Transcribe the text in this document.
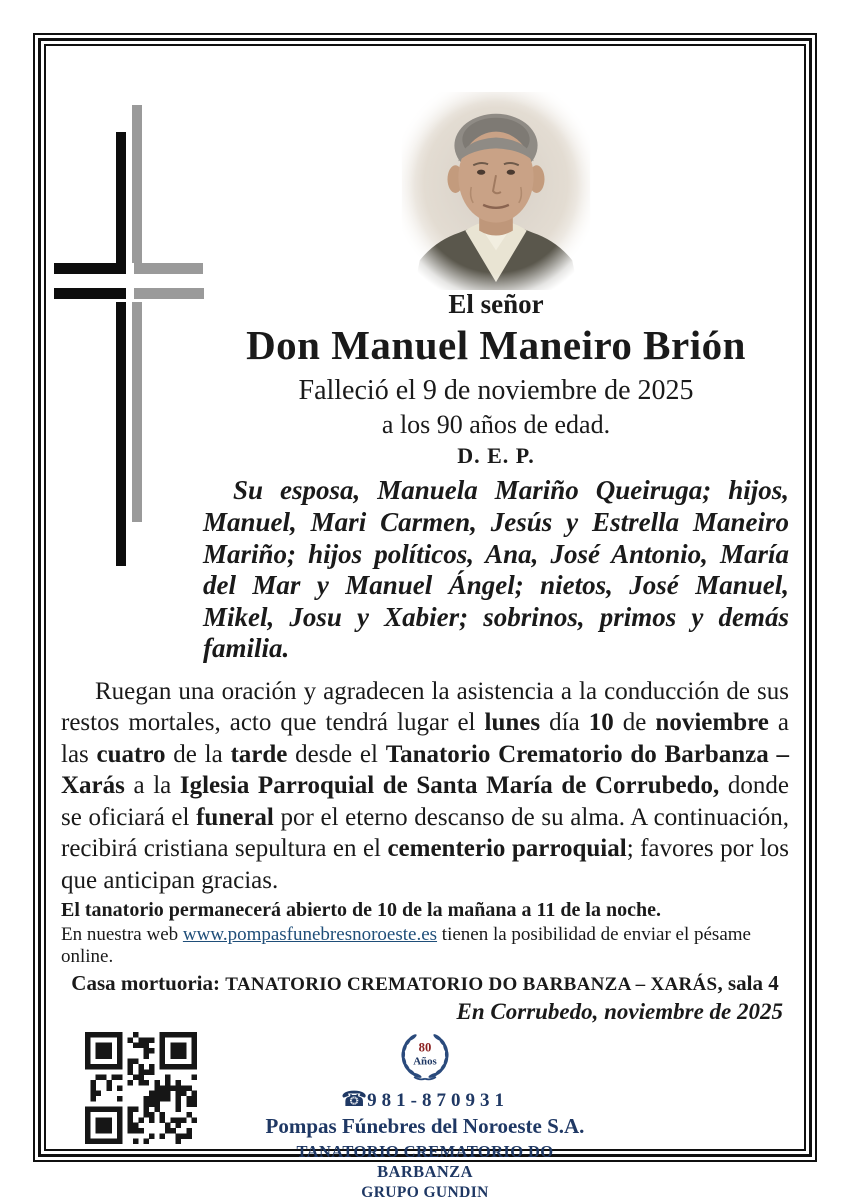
El señor
Don Manuel Maneiro Brión
Falleció el 9 de noviembre de 2025
a los 90 años de edad.
D. E. P.
Su esposa, Manuela Mariño Queiruga; hijos, Manuel, Mari Carmen, Jesús y Estrella Maneiro Mariño; hijos políticos, Ana, José Antonio, María del Mar y Manuel Ángel; nietos, José Manuel, Mikel, Josu y Xabier; sobrinos, primos y demás familia.
Ruegan una oración y agradecen la asistencia a la conducción de sus restos mortales, acto que tendrá lugar el lunes día 10 de noviembre a las cuatro de la tarde desde el Tanatorio Crematorio do Barbanza – Xarás a la Iglesia Parroquial de Santa María de Corrubedo, donde se oficiará el funeral por el eterno descanso de su alma. A continuación, recibirá cristiana sepultura en el cementerio parroquial; favores por los que anticipan gracias.
El tanatorio permanecerá abierto de 10 de la mañana a 11 de la noche.
En nuestra web www.pompasfunebresnoroeste.es tienen la posibilidad de enviar el pésame online.
Casa mortuoria: TANATORIO CREMATORIO DO BARBANZA – XARÁS, sala 4
En Corrubedo, noviembre de 2025
80
Años
☎981-870931
Pompas Fúnebres del Noroeste S.A.
TANATORIO CREMATORIO DO BARBANZA
GRUPO GUNDIN
